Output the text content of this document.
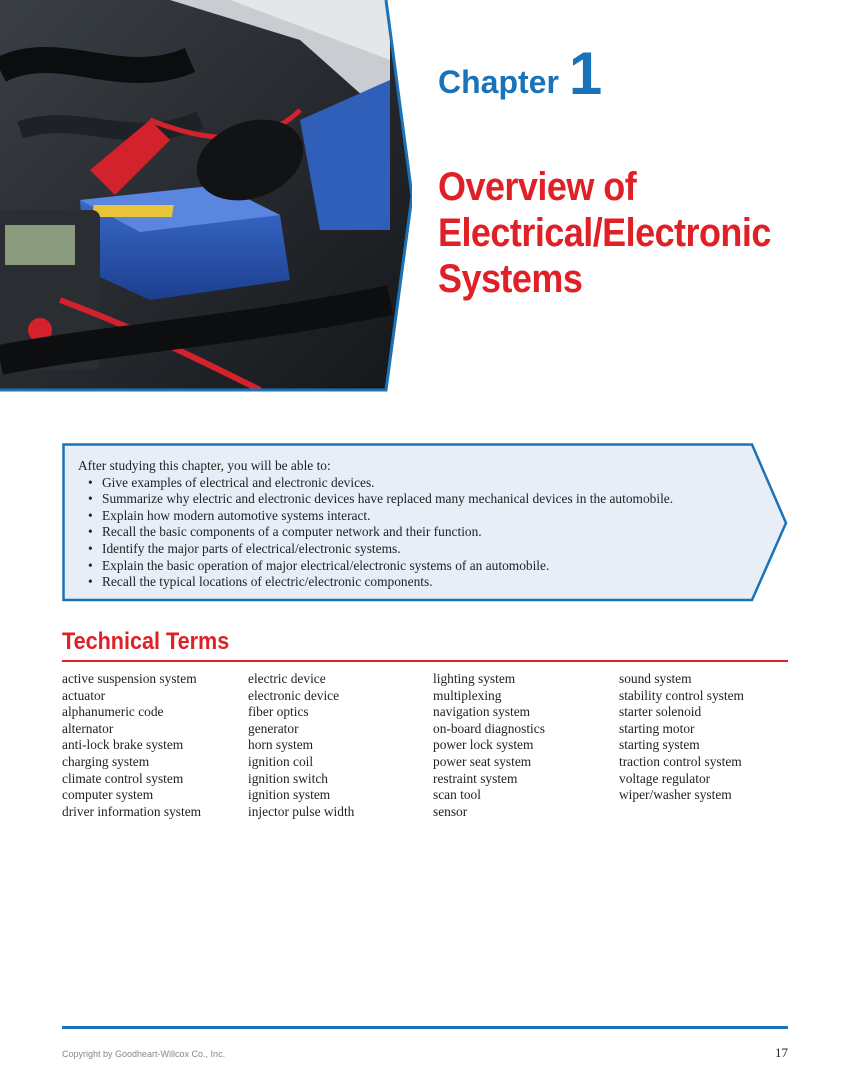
Chapter 1
Overview of
Electrical/Electronic
Systems
After studying this chapter, you will be able to:
• Give examples of electrical and electronic devices.
• Summarize why electric and electronic devices have replaced many mechanical devices in the automobile.
• Explain how modern automotive systems interact.
• Recall the basic components of a computer network and their function.
• Identify the major parts of electrical/electronic systems.
• Explain the basic operation of major electrical/electronic systems of an automobile.
• Recall the typical locations of electric/electronic components.
Technical Terms
active suspension system
actuator
alphanumeric code
alternator
anti-lock brake system
charging system
climate control system
computer system
driver information system
electric device
electronic device
fiber optics
generator
horn system
ignition coil
ignition switch
ignition system
injector pulse width
lighting system
multiplexing
navigation system
on-board diagnostics
power lock system
power seat system
restraint system
scan tool
sensor
sound system
stability control system
starter solenoid
starting motor
starting system
traction control system
voltage regulator
wiper/washer system
Copyright by Goodheart-Willcox Co., Inc.	17
